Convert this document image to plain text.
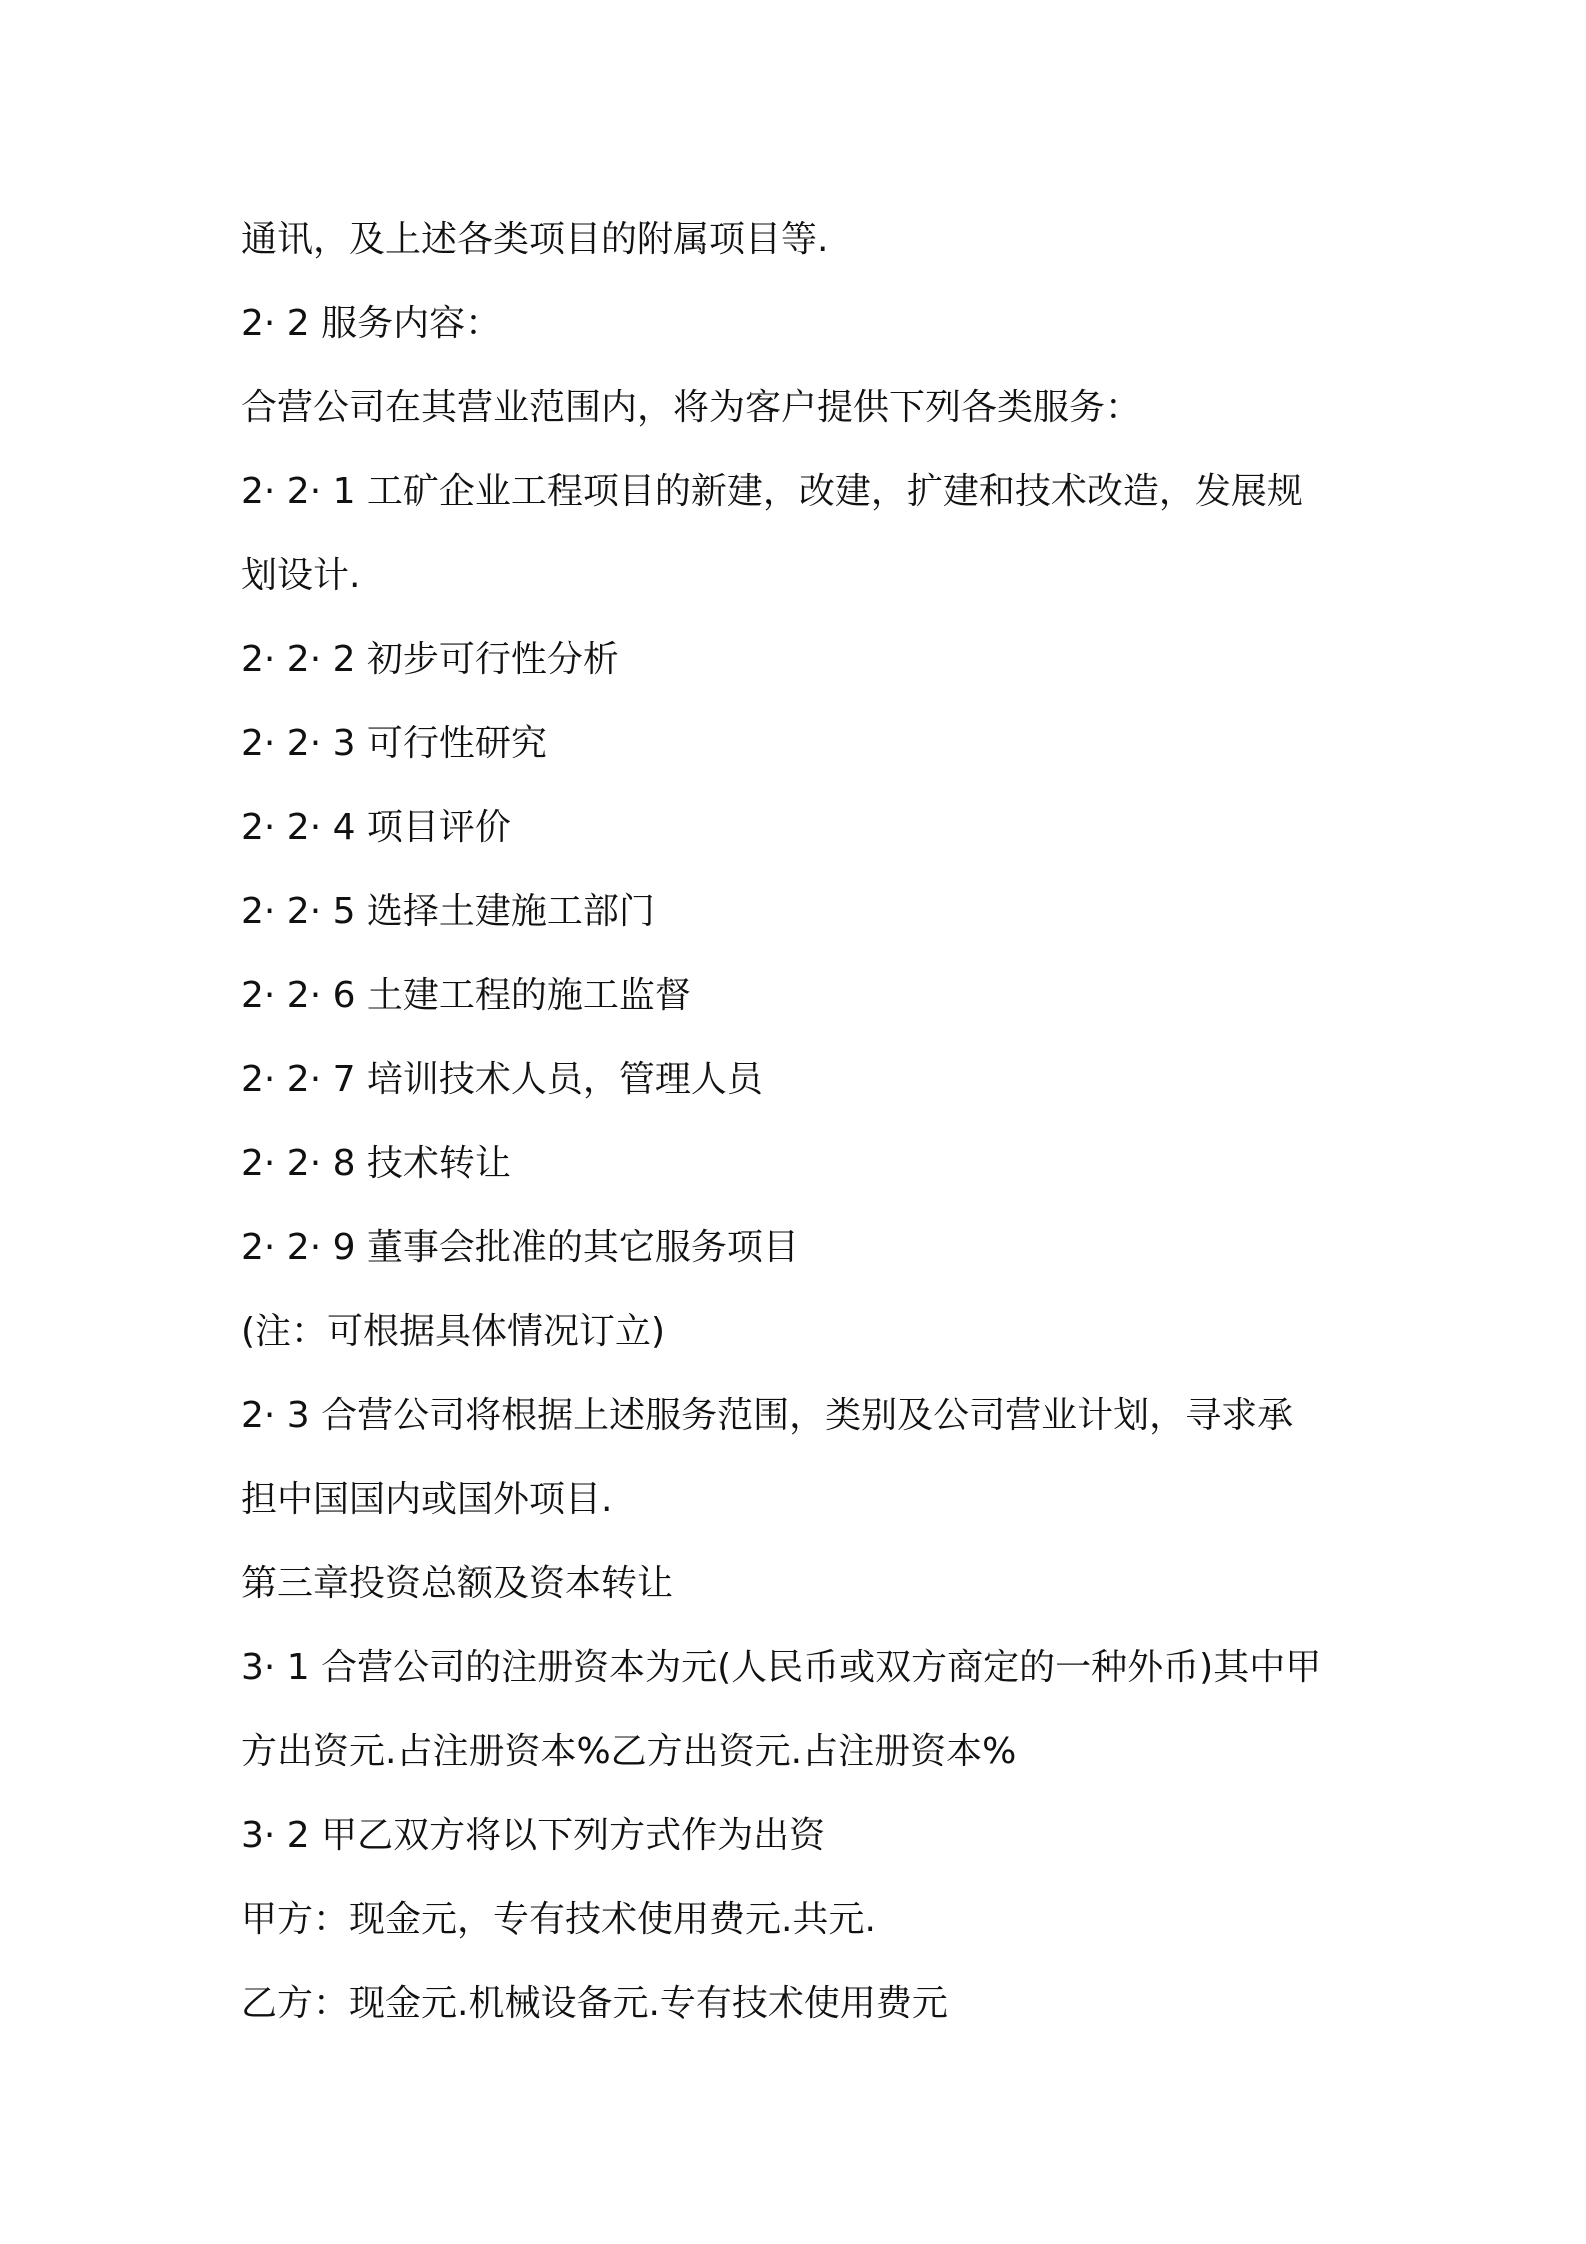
通讯，及上述各类项目的附属项目等.
2· 2 服务内容：
合营公司在其营业范围内，将为客户提供下列各类服务：
2· 2· 1 工矿企业工程项目的新建，改建，扩建和技术改造，发展规
划设计.
2· 2· 2 初步可行性分析
2· 2· 3 可行性研究
2· 2· 4 项目评价
2· 2· 5 选择土建施工部门
2· 2· 6 土建工程的施工监督
2· 2· 7 培训技术人员，管理人员
2· 2· 8 技术转让
2· 2· 9 董事会批准的其它服务项目
(注：可根据具体情况订立)
2· 3 合营公司将根据上述服务范围，类别及公司营业计划，寻求承
担中国国内或国外项目.
第三章投资总额及资本转让
3· 1 合营公司的注册资本为元(人民币或双方商定的一种外币)其中甲
方出资元.占注册资本%乙方出资元.占注册资本%
3· 2 甲乙双方将以下列方式作为出资
甲方：现金元，专有技术使用费元.共元.
乙方：现金元.机械设备元.专有技术使用费元
